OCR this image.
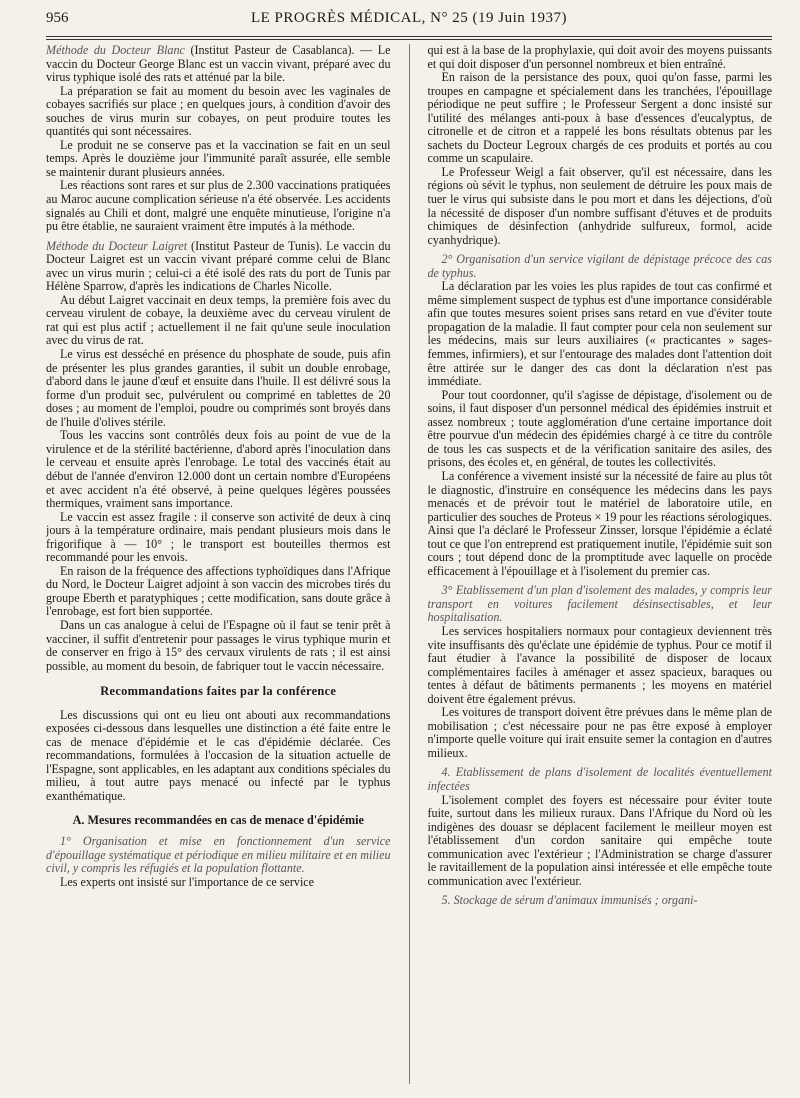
956	LE PROGRÈS MÉDICAL, N° 25 (19 Juin 1937)

Méthode du Docteur Blanc (Institut Pasteur de Casablanca). — Le vaccin du Docteur George Blanc est un vaccin vivant, préparé avec du virus typhique isolé des rats et atténué par la bile.

La préparation se fait au moment du besoin avec les vaginales de cobayes sacrifiés sur place ; en quelques jours, à condition d'avoir des souches de virus murin sur cobayes, on peut produire toutes les quantités qui sont nécessaires.

Le produit ne se conserve pas et la vaccination se fait en un seul temps. Après le douzième jour l'immunité paraît assurée, elle semble se maintenir durant plusieurs années.

Les réactions sont rares et sur plus de 2.300 vaccinations pratiquées au Maroc aucune complication sérieuse n'a été observée. Les accidents signalés au Chili et dont, malgré une enquête minutieuse, l'origine n'a pu être établie, ne sauraient vraiment être imputés à la méthode.

Méthode du Docteur Laigret (Institut Pasteur de Tunis). Le vaccin du Docteur Laigret est un vaccin vivant préparé comme celui de Blanc avec un virus murin ; celui-ci a été isolé des rats du port de Tunis par Hélène Sparrow, d'après les indications de Charles Nicolle.

Au début Laigret vaccinait en deux temps, la première fois avec du cerveau virulent de cobaye, la deuxième avec du cerveau virulent de rat qui est plus actif ; actuellement il ne fait qu'une seule inoculation avec du virus de rat.

Le virus est desséché en présence du phosphate de soude, puis afin de présenter les plus grandes garanties, il subit un double enrobage, d'abord dans le jaune d'œuf et ensuite dans l'huile. Il est délivré sous la forme d'un produit sec, pulvérulent ou comprimé en tablettes de 20 doses ; au moment de l'emploi, poudre ou comprimés sont broyés dans de l'huile d'olives stérile.

Tous les vaccins sont contrôlés deux fois au point de vue de la virulence et de la stérilité bactérienne, d'abord après l'inoculation dans le cerveau et ensuite après l'enrobage. Le total des vaccinés était au début de l'année d'environ 12.000 dont un certain nombre d'Européens et avec accident n'a été observé, à peine quelques légères poussées thermiques, vraiment sans importance.

Le vaccin est assez fragile : il conserve son activité de deux à cinq jours à la température ordinaire, mais pendant plusieurs mois dans le frigorifique à — 10° ; le transport est bouteilles thermos est recommandé pour les envois.

En raison de la fréquence des affections typhoïdiques dans l'Afrique du Nord, le Docteur Laigret adjoint à son vaccin des microbes tirés du groupe Eberth et paratyphiques ; cette modification, sans doute grâce à l'enrobage, est fort bien supportée.

Dans un cas analogue à celui de l'Espagne où il faut se tenir prêt à vacciner, il suffit d'entretenir pour passages le virus typhique murin et de conserver en frigo à 15° des cervaux virulents de rats ; il est ainsi possible, au moment du besoin, de fabriquer tout le vaccin nécessaire.

Recommandations faites par la conférence

Les discussions qui ont eu lieu ont abouti aux recommandations exposées ci-dessous dans lesquelles une distinction a été faite entre le cas de menace d'épidémie et le cas d'épidémie déclarée. Ces recommandations, formulées à l'occasion de la situation actuelle de l'Espagne, sont applicables, en les adaptant aux conditions spéciales du milieu, à tout autre pays menacé ou infecté par le typhus exanthématique.

A. Mesures recommandées en cas de menace d'épidémie

1° Organisation et mise en fonctionnement d'un service d'épouillage systématique et périodique en milieu militaire et en milieu civil, y compris les réfugiés et la population flottante.

Les experts ont insisté sur l'importance de ce service

qui est à la base de la prophylaxie, qui doit avoir des moyens puissants et qui doit disposer d'un personnel nombreux et bien entraîné.

En raison de la persistance des poux, quoi qu'on fasse, parmi les troupes en campagne et spécialement dans les tranchées, l'épouillage périodique ne peut suffire ; le Professeur Sergent a donc insisté sur l'utilité des mélanges anti-poux à base d'essences d'eucalyptus, de citronelle et de citron et a rappelé les bons résultats obtenus par les sachets du Docteur Legroux chargés de ces produits et portés au cou comme un scapulaire.

Le Professeur Weigl a fait observer, qu'il est nécessaire, dans les régions où sévit le typhus, non seulement de détruire les poux mais de tuer le virus qui subsiste dans le pou mort et dans les déjections, d'où la nécessité de disposer d'un nombre suffisant d'étuves et de produits chimiques de désinfection (anhydride sulfureux, formol, acide cyanhydrique).

2° Organisation d'un service vigilant de dépistage précoce des cas de typhus.

La déclaration par les voies les plus rapides de tout cas confirmé et même simplement suspect de typhus est d'une importance considérable afin que toutes mesures soient prises sans retard en vue d'éviter toute propagation de la maladie. Il faut compter pour cela non seulement sur les médecins, mais sur leurs auxiliaires (« practicantes » sages-femmes, infirmiers), et sur l'entourage des malades dont l'attention doit être attirée sur le danger des cas dont la déclaration n'est pas immédiate.

Pour tout coordonner, qu'il s'agisse de dépistage, d'isolement ou de soins, il faut disposer d'un personnel médical des épidémies instruit et assez nombreux ; toute agglomération d'une certaine importance doit être pourvue d'un médecin des épidémies chargé à ce titre du contrôle de tous les cas suspects et de la vérification sanitaire des asiles, des prisons, des écoles et, en général, de toutes les collectivités.

La conférence a vivement insisté sur la nécessité de faire au plus tôt le diagnostic, d'instruire en conséquence les médecins dans les pays menacés et de prévoir tout le matériel de laboratoire utile, en particulier des souches de Proteus × 19 pour les réactions sérologiques. Ainsi que l'a déclaré le Professeur Zinsser, lorsque l'épidémie a éclaté tout ce que l'on entreprend est pratiquement inutile, l'épidémie suit son cours ; tout dépend donc de la promptitude avec laquelle on procède efficacement à l'épouillage et à l'isolement du premier cas.

3° Etablissement d'un plan d'isolement des malades, y compris leur transport en voitures facilement désinsectisables, et leur hospitalisation.

Les services hospitaliers normaux pour contagieux deviennent très vite insuffisants dès qu'éclate une épidémie de typhus. Pour ce motif il faut étudier à l'avance la possibilité de disposer de locaux complémentaires faciles à aménager et assez spacieux, baraques ou tentes à défaut de bâtiments permanents ; les moyens en matériel doivent être également prévus.

Les voitures de transport doivent être prévues dans le même plan de mobilisation ; c'est nécessaire pour ne pas être exposé à employer n'importe quelle voiture qui irait ensuite semer la contagion en d'autres milieux.

4. Etablissement de plans d'isolement de localités éventuellement infectées

L'isolement complet des foyers est nécessaire pour éviter toute fuite, surtout dans les milieux ruraux. Dans l'Afrique du Nord où les indigènes des douasr se déplacent facilement le meilleur moyen est l'établissement d'un cordon sanitaire qui empêche toute communication avec l'extérieur ; l'Administration se charge d'assurer le ravitaillement de la population ainsi intéressée et elle empêche toute communication avec l'extérieur.

5. Stockage de sérum d'animaux immunisés ; organi-
